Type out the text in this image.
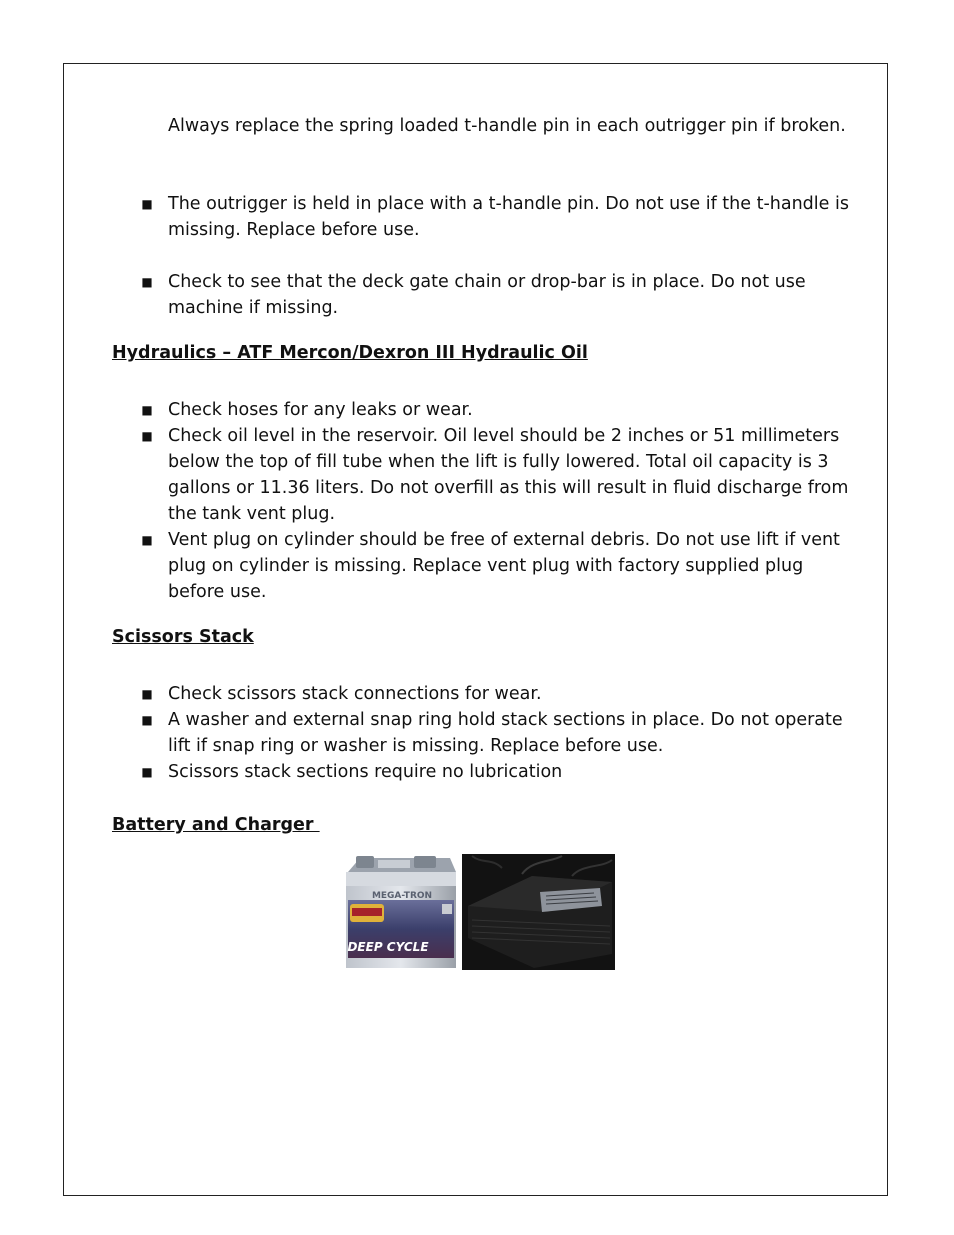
Always replace the spring loaded t-handle pin in each outrigger pin if broken.

■ The outrigger is held in place with a t-handle pin. Do not use if the t-handle is missing. Replace before use.
■ Check to see that the deck gate chain or drop-bar is in place. Do not use machine if missing.
Hydraulics – ATF Mercon/Dexron III Hydraulic Oil
■ Check hoses for any leaks or wear.
■ Check oil level in the reservoir. Oil level should be 2 inches or 51 millimeters below the top of fill tube when the lift is fully lowered. Total oil capacity is 3 gallons or 11.36 liters. Do not overfill as this will result in fluid discharge from the tank vent plug.
■ Vent plug on cylinder should be free of external debris. Do not use lift if vent plug on cylinder is missing. Replace vent plug with factory supplied plug before use.
Scissors Stack
■ Check scissors stack connections for wear.
■ A washer and external snap ring hold stack sections in place. Do not operate lift if snap ring or washer is missing. Replace before use.
■ Scissors stack sections require no lubrication
Battery and Charger
MEGA-TRON
DEEP CYCLE
